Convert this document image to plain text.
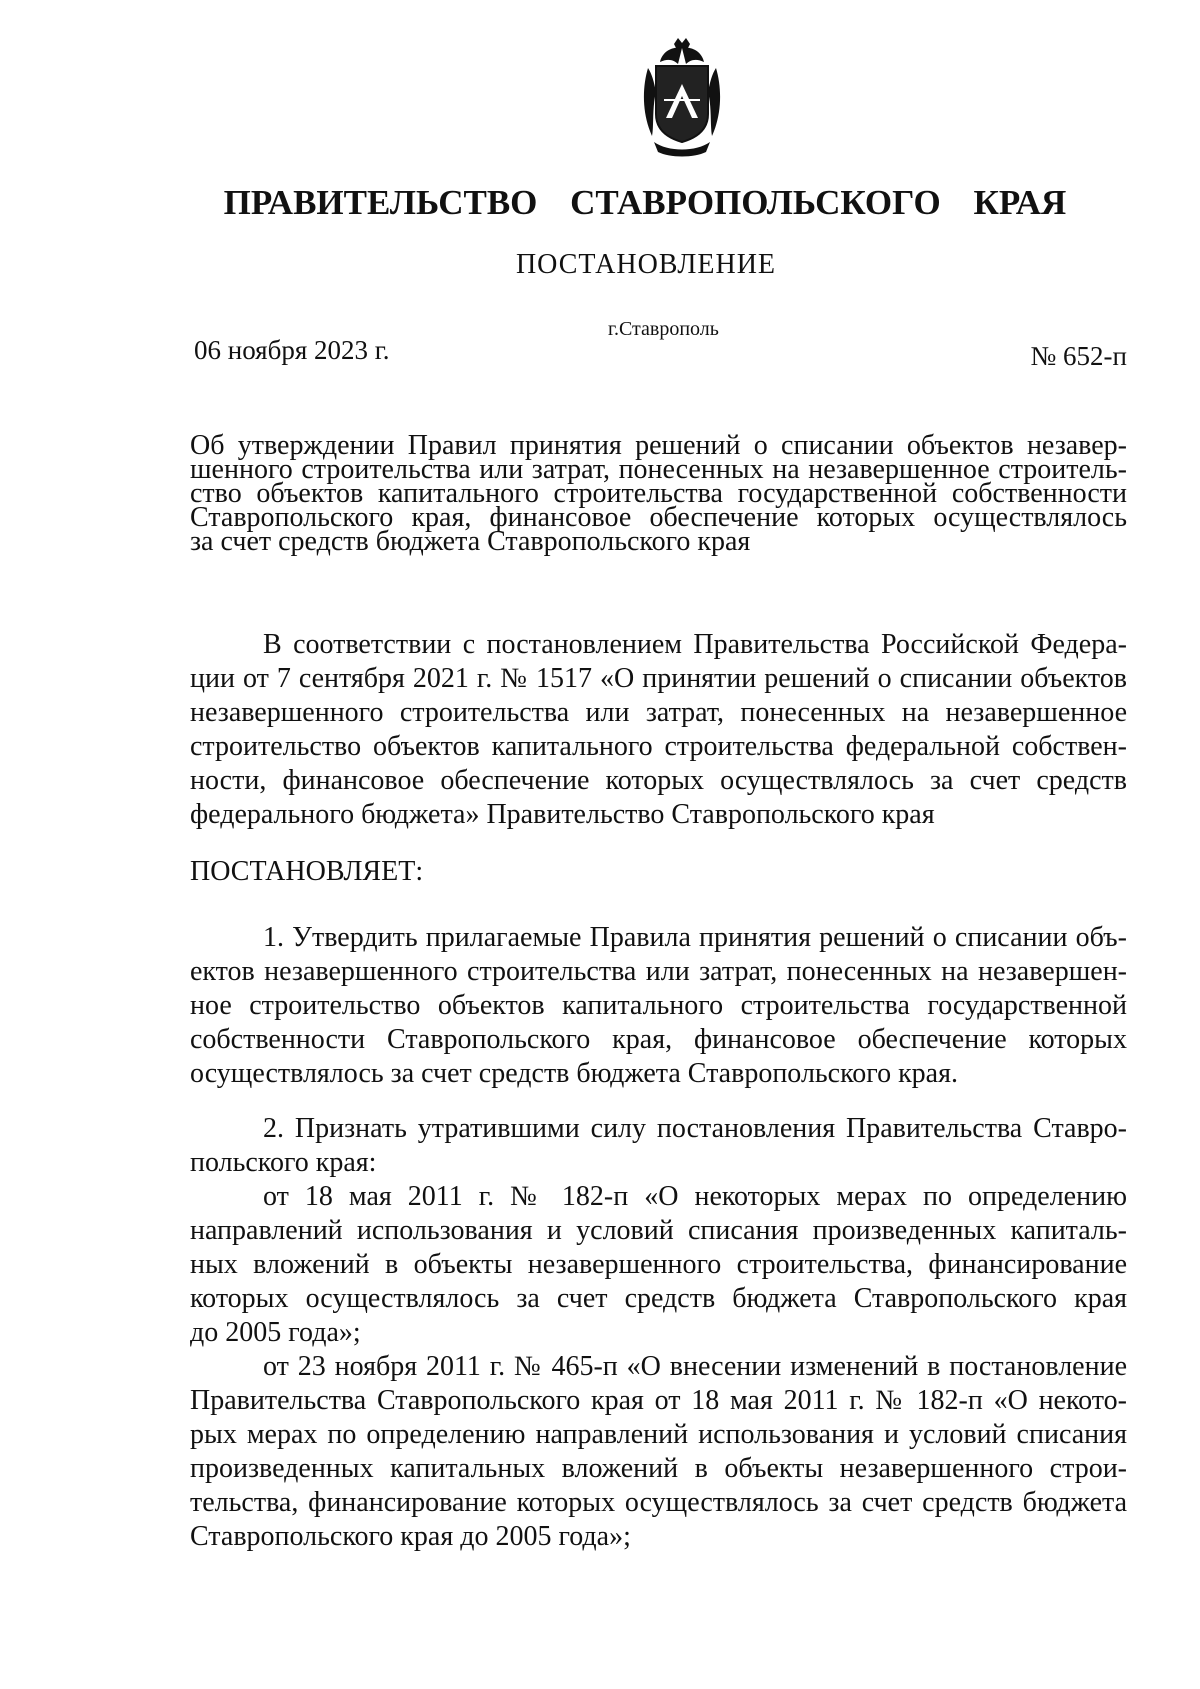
ПРАВИТЕЛЬСТВО СТАВРОПОЛЬСКОГО КРАЯ
ПОСТАНОВЛЕНИЕ
06 ноября 2023 г.
г.Ставрополь
№ 652-п
Об утверждении Правил принятия решений о списании объектов незавер-
шенного строительства или затрат, понесенных на незавершенное строитель-
ство объектов капитального строительства государственной собственности
Ставропольского края, финансовое обеспечение которых осуществлялось
за счет средств бюджета Ставропольского края
В соответствии с постановлением Правительства Российской Федера-
ции от 7 сентября 2021 г. № 1517 «О принятии решений о списании объектов
незавершенного строительства или затрат, понесенных на незавершенное
строительство объектов капитального строительства федеральной собствен-
ности, финансовое обеспечение которых осуществлялось за счет средств
федерального бюджета» Правительство Ставропольского края
ПОСТАНОВЛЯЕТ:
1. Утвердить прилагаемые Правила принятия решений о списании объ-
ектов незавершенного строительства или затрат, понесенных на незавершен-
ное строительство объектов капитального строительства государственной
собственности Ставропольского края, финансовое обеспечение которых
осуществлялось за счет средств бюджета Ставропольского края.
2. Признать утратившими силу постановления Правительства Ставро-
польского края:
от 18 мая 2011 г. № 182-п «О некоторых мерах по определению
направлений использования и условий списания произведенных капиталь-
ных вложений в объекты незавершенного строительства, финансирование
которых осуществлялось за счет средств бюджета Ставропольского края
до 2005 года»;
от 23 ноября 2011 г. № 465-п «О внесении изменений в постановление
Правительства Ставропольского края от 18 мая 2011 г. № 182-п «О некото-
рых мерах по определению направлений использования и условий списания
произведенных капитальных вложений в объекты незавершенного строи-
тельства, финансирование которых осуществлялось за счет средств бюджета
Ставропольского края до 2005 года»;
